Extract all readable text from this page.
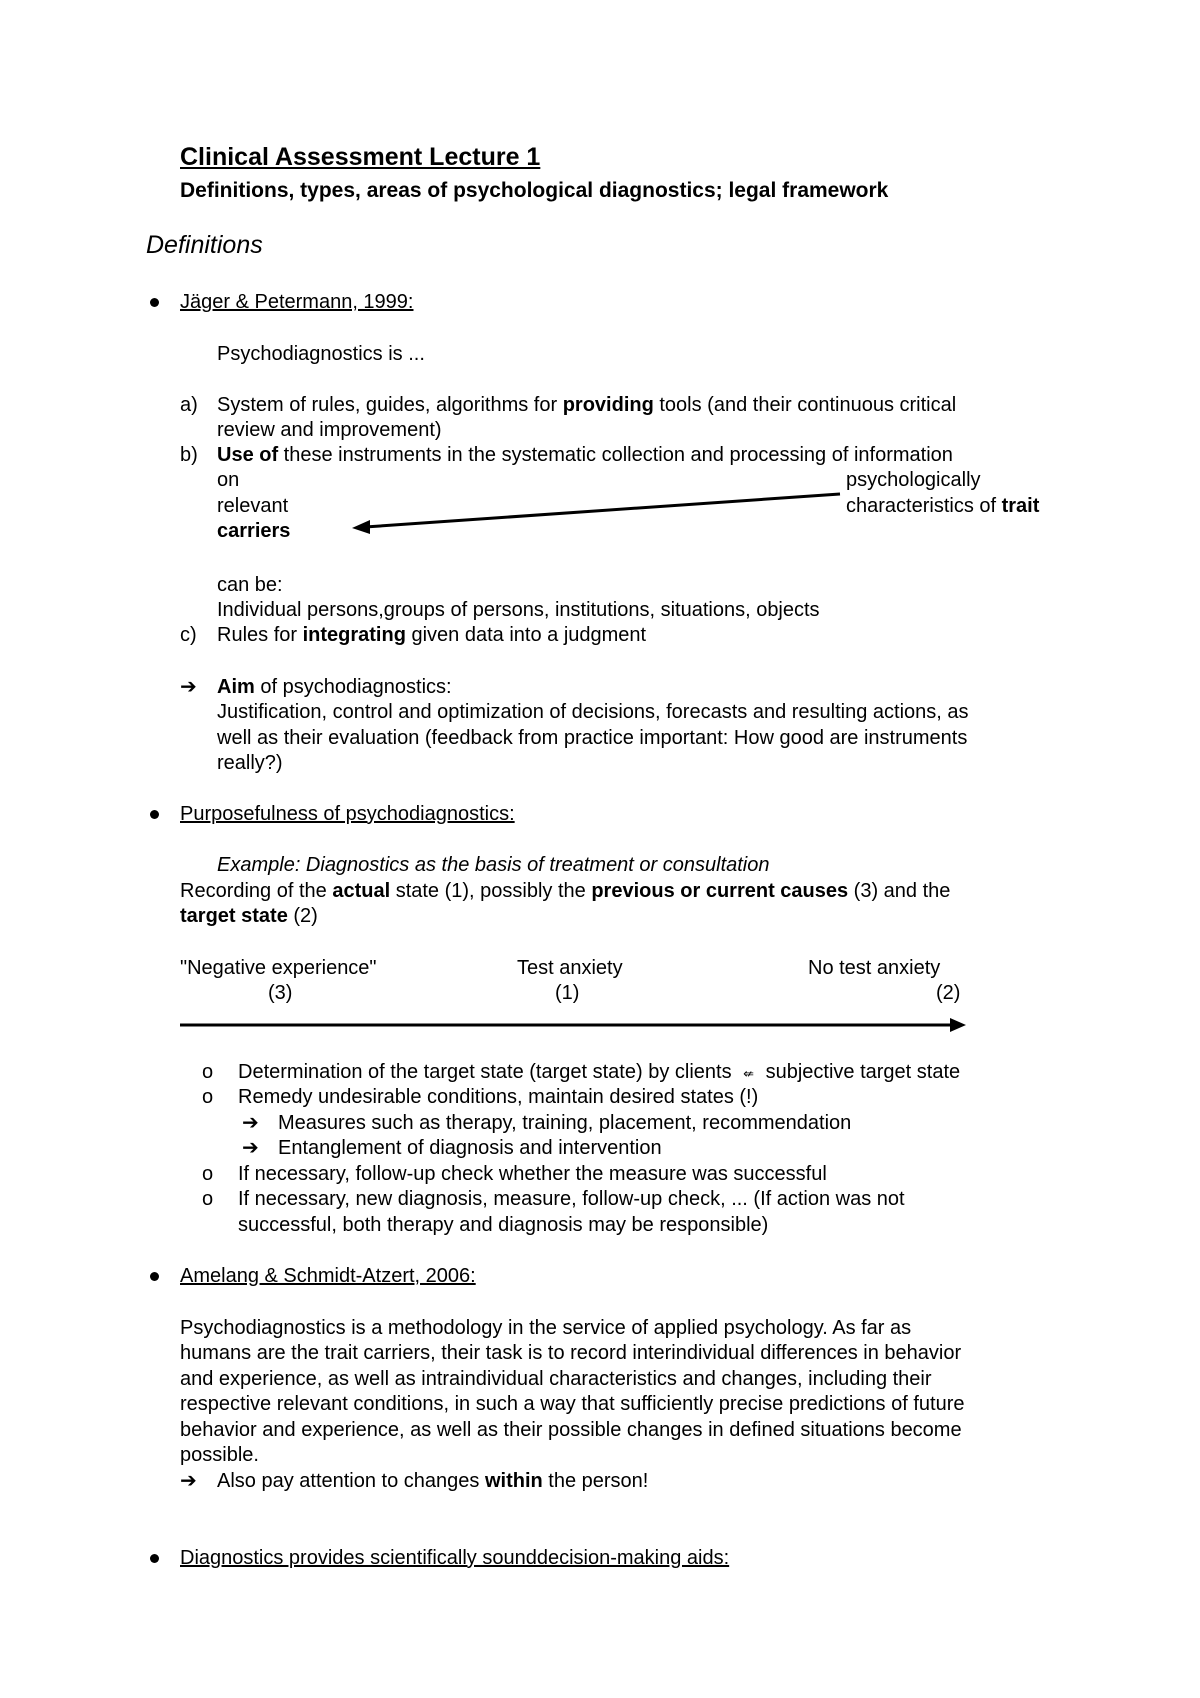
Clinical Assessment Lecture 1
Definitions, types, areas of psychological diagnostics; legal framework
Definitions
Jäger & Petermann, 1999:
Psychodiagnostics is ...
a) System of rules, guides, algorithms for providing tools (and their continuous critical
review and improvement)
b) Use of these instruments in the systematic collection and processing of information
on	psychologically
relevant	characteristics of trait
carriers
can be:
Individual persons,groups of persons, institutions, situations, objects
c) Rules for integrating given data into a judgment
➔ Aim of psychodiagnostics:
Justification, control and optimization of decisions, forecasts and resulting actions, as
well as their evaluation (feedback from practice important: How good are instruments
really?)
Purposefulness of psychodiagnostics:
Example: Diagnostics as the basis of treatment or consultation
Recording of the actual state (1), possibly the previous or current causes (3) and the
target state (2)
"Negative experience"
(3)
Test anxiety
(1)
No test anxiety
(2)
o Determination of the target state (target state) by clients ⇍ subjective target state
o Remedy undesirable conditions, maintain desired states (!)
➔ Measures such as therapy, training, placement, recommendation
➔ Entanglement of diagnosis and intervention
o If necessary, follow-up check whether the measure was successful
o If necessary, new diagnosis, measure, follow-up check, ... (If action was not
successful, both therapy and diagnosis may be responsible)
Amelang & Schmidt-Atzert, 2006:
Psychodiagnostics is a methodology in the service of applied psychology. As far as
humans are the trait carriers, their task is to record interindividual differences in behavior
and experience, as well as intraindividual characteristics and changes, including their
respective relevant conditions, in such a way that sufficiently precise predictions of future
behavior and experience, as well as their possible changes in defined situations become
possible.
➔ Also pay attention to changes within the person!
Diagnostics provides scientifically sounddecision-making aids:
